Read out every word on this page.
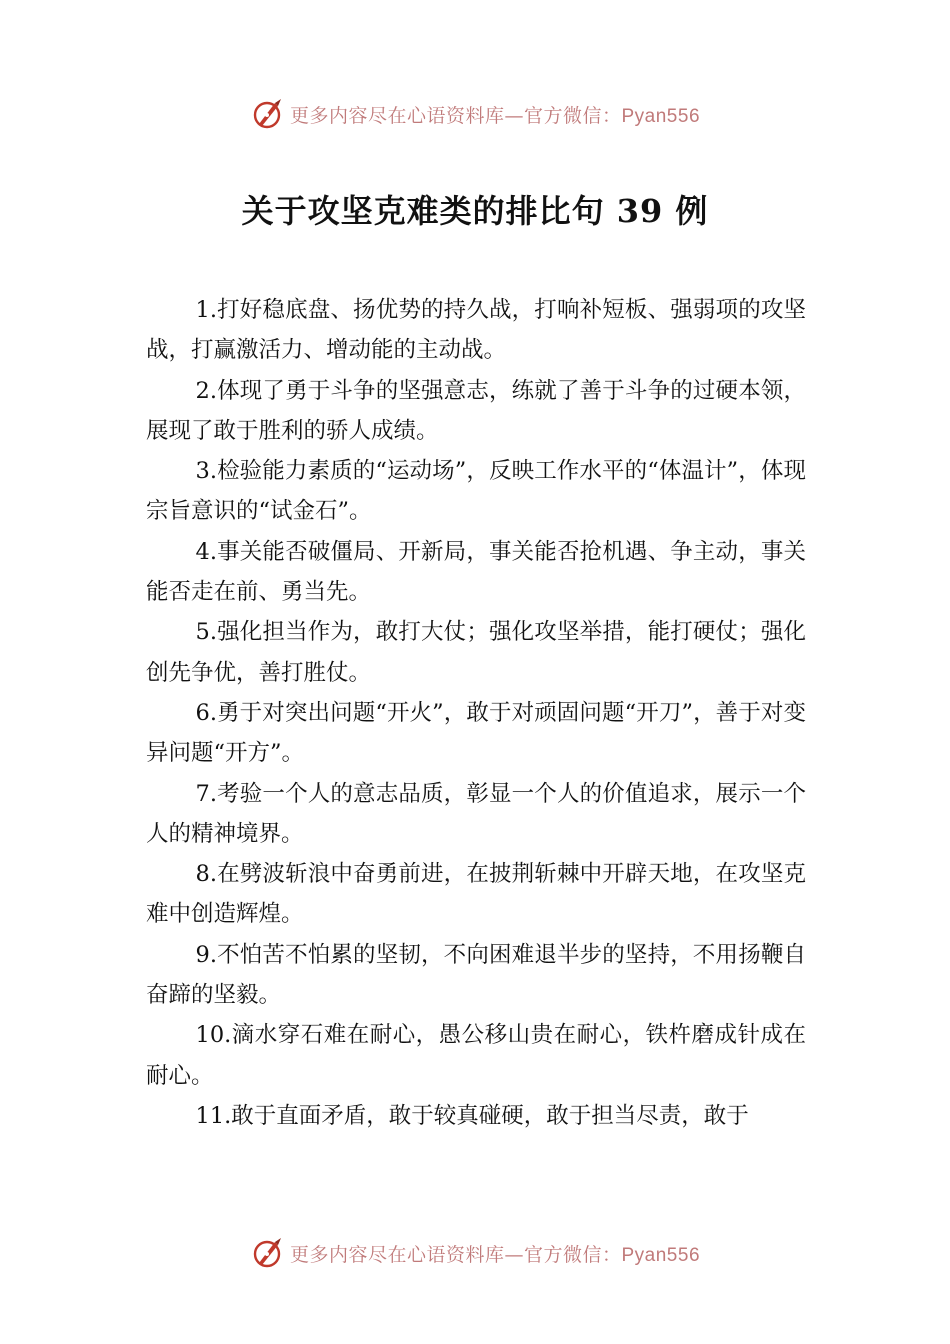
更多内容尽在心语资料库—官方微信：Pyan556
关于攻坚克难类的排比句 39 例

1.打好稳底盘、扬优势的持久战，打响补短板、强弱项的攻坚战，打赢激活力、增动能的主动战。

2.体现了勇于斗争的坚强意志，练就了善于斗争的过硬本领，展现了敢于胜利的骄人成绩。

3.检验能力素质的“运动场”，反映工作水平的“体温计”，体现宗旨意识的“试金石”。

4.事关能否破僵局、开新局，事关能否抢机遇、争主动，事关能否走在前、勇当先。

5.强化担当作为，敢打大仗；强化攻坚举措，能打硬仗；强化创先争优，善打胜仗。

6.勇于对突出问题“开火”，敢于对顽固问题“开刀”，善于对变异问题“开方”。

7.考验一个人的意志品质，彰显一个人的价值追求，展示一个人的精神境界。

8.在劈波斩浪中奋勇前进，在披荆斩棘中开辟天地，在攻坚克难中创造辉煌。

9.不怕苦不怕累的坚韧，不向困难退半步的坚持，不用扬鞭自奋蹄的坚毅。

10.滴水穿石难在耐心，愚公移山贵在耐心，铁杵磨成针成在耐心。

11.敢于直面矛盾，敢于较真碰硬，敢于担当尽责，敢于

更多内容尽在心语资料库—官方微信：Pyan556
